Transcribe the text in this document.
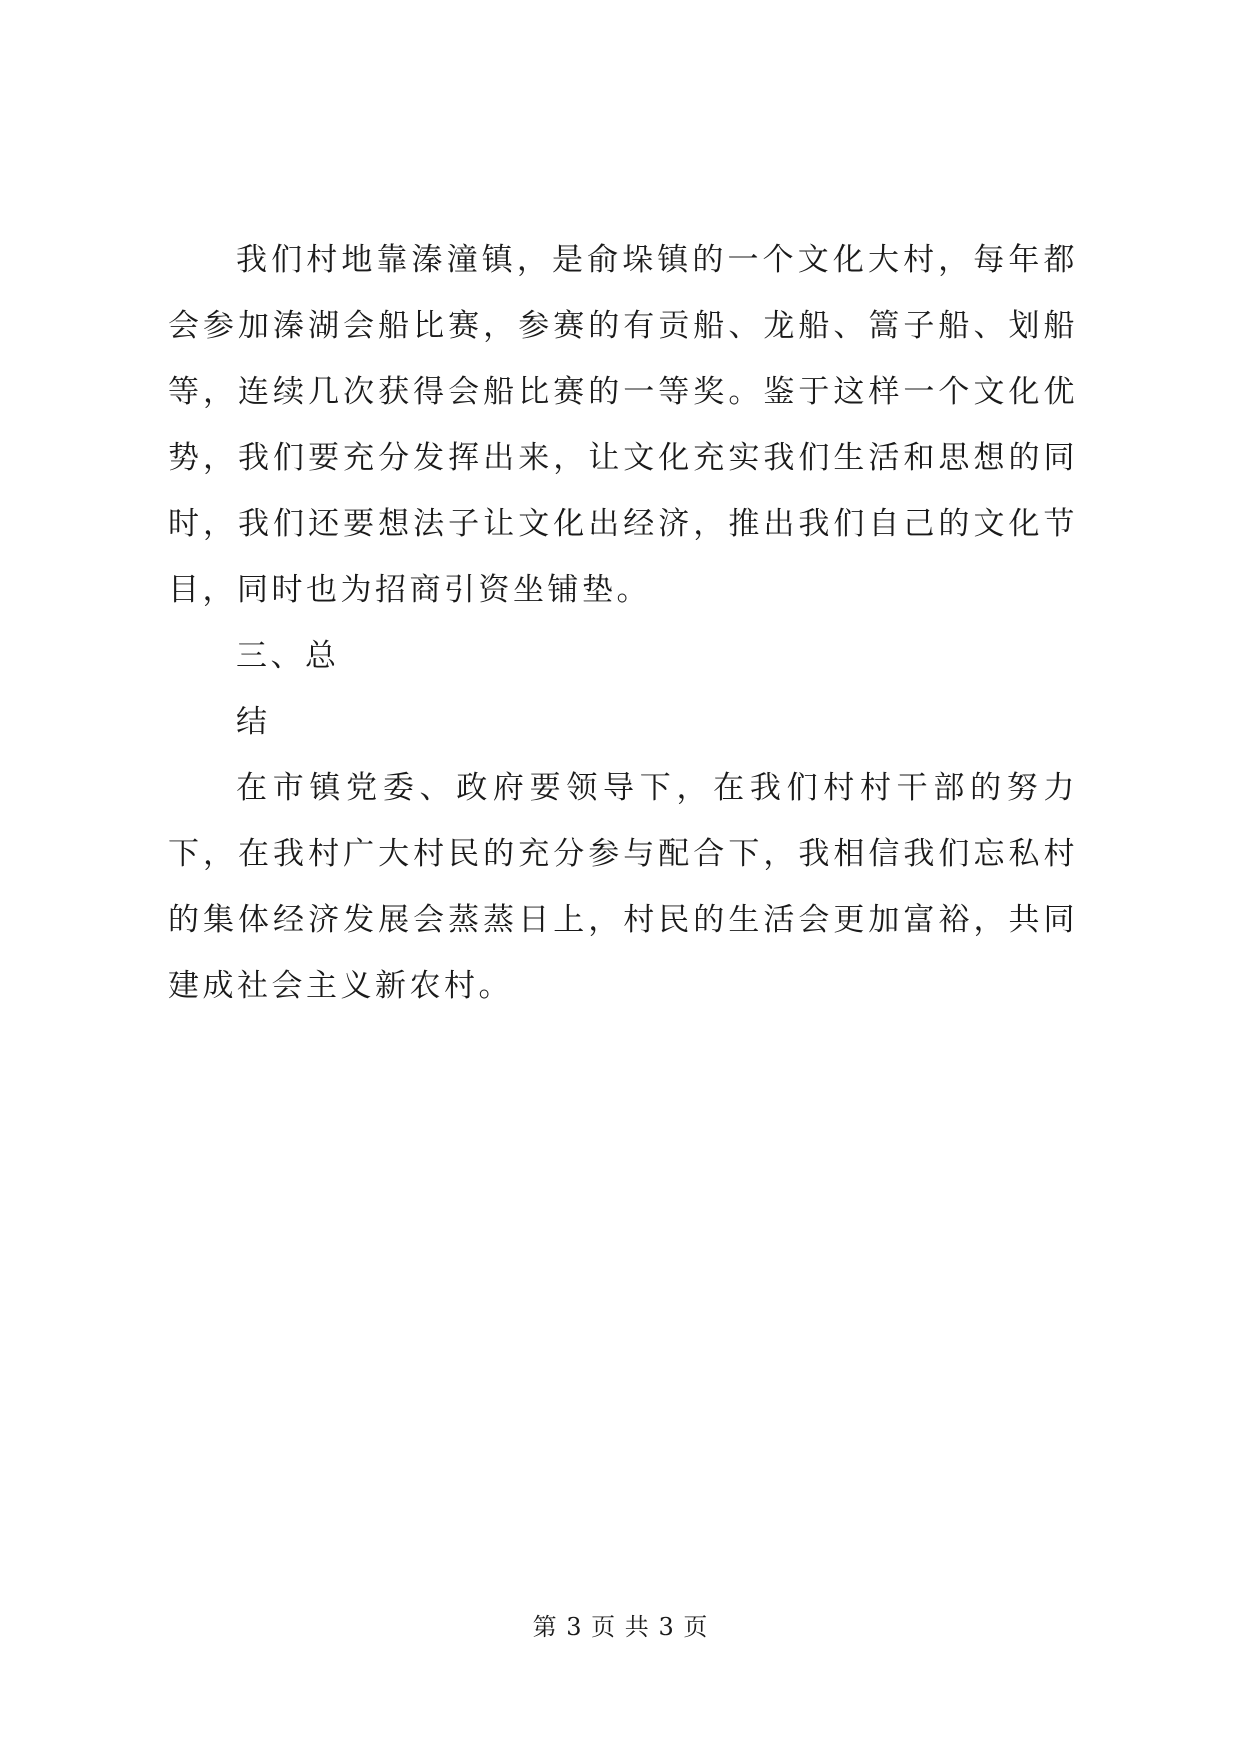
我们村地靠溱潼镇，是俞垛镇的一个文化大村，每年都会参加溱湖会船比赛，参赛的有贡船、龙船、篙子船、划船等，连续几次获得会船比赛的一等奖。鉴于这样一个文化优势，我们要充分发挥出来，让文化充实我们生活和思想的同时，我们还要想法子让文化出经济，推出我们自己的文化节目，同时也为招商引资坐铺垫。

三、总

结

在市镇党委、政府要领导下，在我们村村干部的努力下，在我村广大村民的充分参与配合下，我相信我们忘私村的集体经济发展会蒸蒸日上，村民的生活会更加富裕，共同建成社会主义新农村。

第 3 页 共 3 页
